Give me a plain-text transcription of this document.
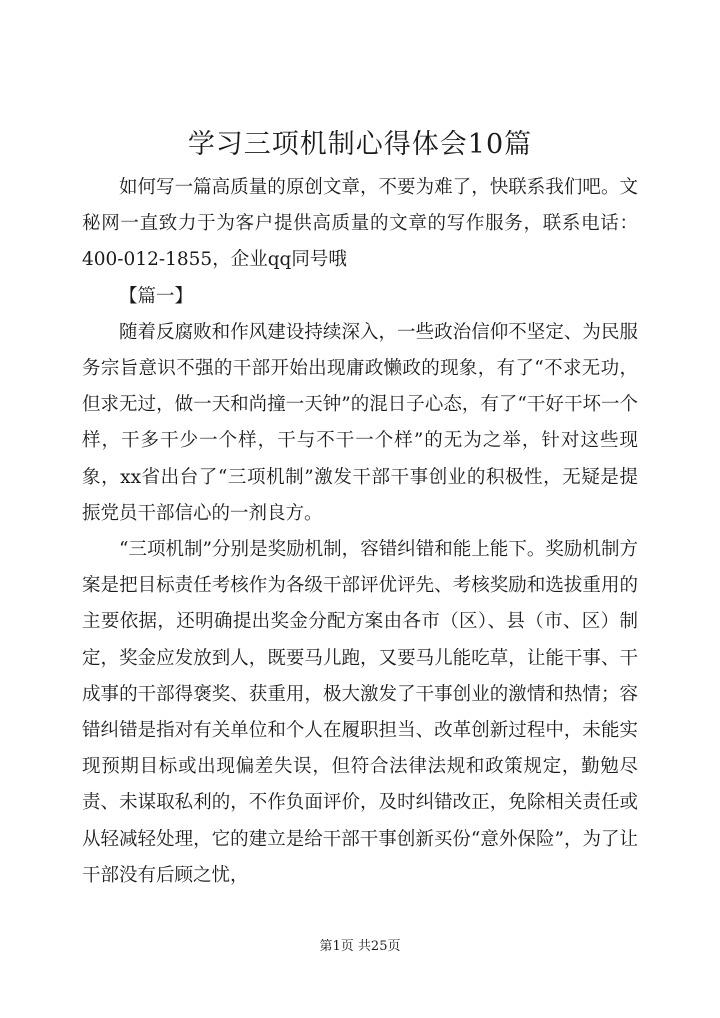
学习三项机制心得体会10篇

如何写一篇高质量的原创文章，不要为难了，快联系我们吧。文秘网一直致力于为客户提供高质量的文章的写作服务，联系电话：400-012-1855，企业qq同号哦

【篇一】

随着反腐败和作风建设持续深入，一些政治信仰不坚定、为民服务宗旨意识不强的干部开始出现庸政懒政的现象，有了“不求无功，但求无过，做一天和尚撞一天钟”的混日子心态，有了“干好干坏一个样，干多干少一个样，干与不干一个样”的无为之举，针对这些现象，xx省出台了“三项机制”激发干部干事创业的积极性，无疑是提振党员干部信心的一剂良方。

“三项机制”分别是奖励机制，容错纠错和能上能下。奖励机制方案是把目标责任考核作为各级干部评优评先、考核奖励和选拔重用的主要依据，还明确提出奖金分配方案由各市（区）、县（市、区）制定，奖金应发放到人，既要马儿跑，又要马儿能吃草，让能干事、干成事的干部得褒奖、获重用，极大激发了干事创业的激情和热情；容错纠错是指对有关单位和个人在履职担当、改革创新过程中，未能实现预期目标或出现偏差失误，但符合法律法规和政策规定，勤勉尽责、未谋取私利的，不作负面评价，及时纠错改正，免除相关责任或从轻减轻处理，它的建立是给干部干事创新买份“意外保险”，为了让干部没有后顾之忧，

第1页 共25页
